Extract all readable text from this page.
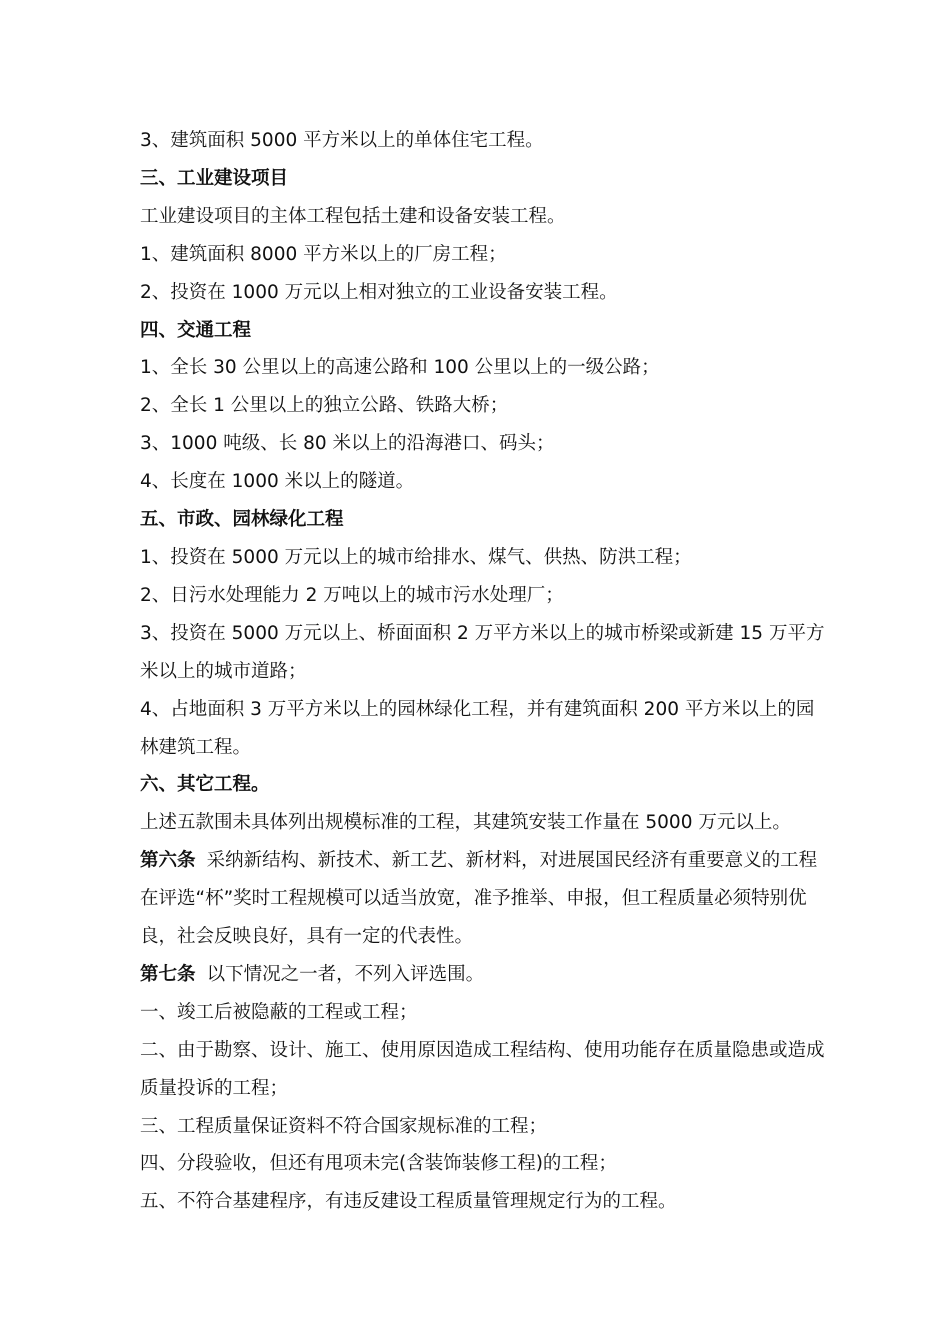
3、建筑面积 5000 平方米以上的单体住宅工程。
三、工业建设项目
工业建设项目的主体工程包括土建和设备安装工程。
1、建筑面积 8000 平方米以上的厂房工程；
2、投资在 1000 万元以上相对独立的工业设备安装工程。
四、交通工程
1、全长 30 公里以上的高速公路和 100 公里以上的一级公路；
2、全长 1 公里以上的独立公路、铁路大桥；
3、1000 吨级、长 80 米以上的沿海港口、码头；
4、长度在 1000 米以上的隧道。
五、市政、园林绿化工程
1、投资在 5000 万元以上的城市给排水、煤气、供热、防洪工程；
2、日污水处理能力 2 万吨以上的城市污水处理厂；
3、投资在 5000 万元以上、桥面面积 2 万平方米以上的城市桥梁或新建 15 万平方米以上的城市道路；
4、占地面积 3 万平方米以上的园林绿化工程，并有建筑面积 200 平方米以上的园林建筑工程。
六、其它工程。
上述五款围未具体列出规模标准的工程，其建筑安装工作量在 5000 万元以上。
第六条 采纳新结构、新技术、新工艺、新材料，对进展国民经济有重要意义的工程在评选“杯”奖时工程规模可以适当放宽，准予推举、申报，但工程质量必须特别优良，社会反映良好，具有一定的代表性。
第七条 以下情况之一者，不列入评选围。
一、竣工后被隐蔽的工程或工程；
二、由于勘察、设计、施工、使用原因造成工程结构、使用功能存在质量隐患或造成质量投诉的工程；
三、工程质量保证资料不符合国家规标准的工程；
四、分段验收，但还有甩项未完(含装饰装修工程)的工程；
五、不符合基建程序，有违反建设工程质量管理规定行为的工程。
